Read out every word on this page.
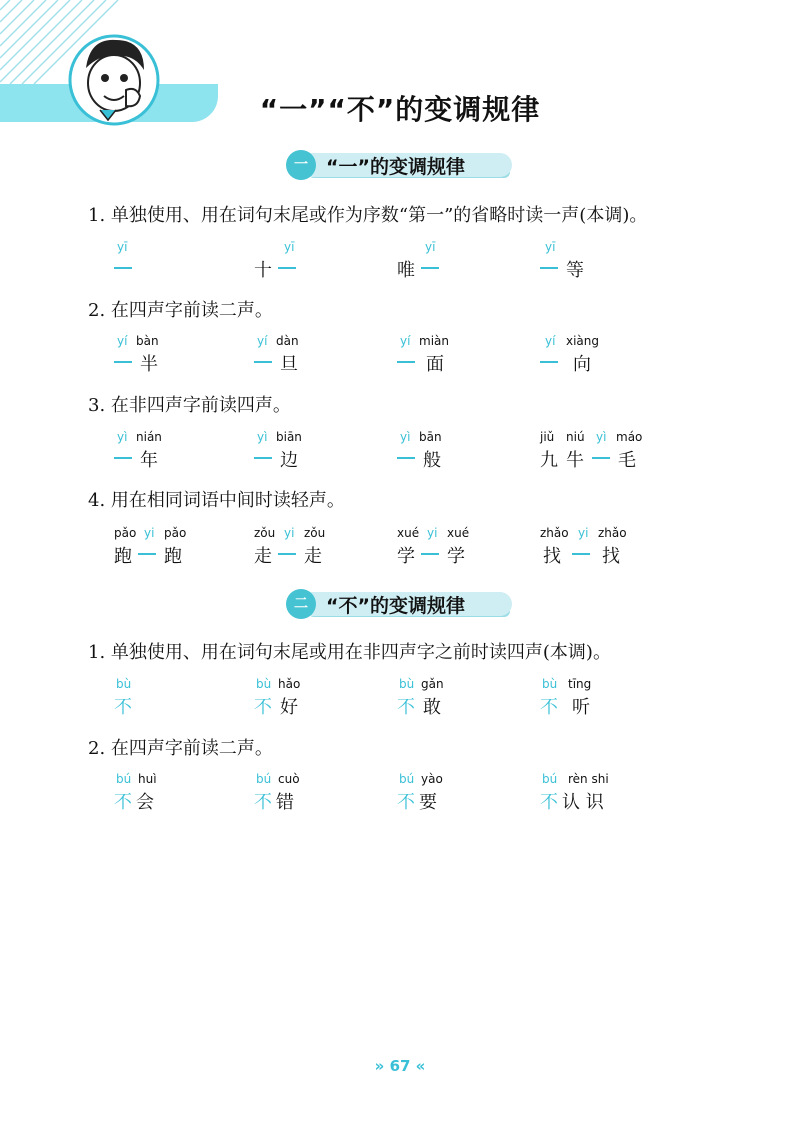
“一”“不”的变调规律
一 “一”的变调规律
1. 单独使用、用在词句末尾或作为序数“第一”的省略时读一声(本调)。
yī	yī
十
yī
唯
yī
等
2. 在四声字前读二声。
yí bàn
半
yí dàn
旦
yí miàn
面
yí xiàng
向
3. 在非四声字前读四声。
yì nián
年
yì biān
边
yì bān
般
jiǔ niú yì máo
九 牛 毛
4. 用在相同词语中间时读轻声。
pǎo yi pǎo
跑 跑
zǒu yi zǒu
走 走
xué yi xué
学 学
zhǎo yi zhǎo
找 找
二 “不”的变调规律
1. 单独使用、用在词句末尾或用在非四声字之前时读四声(本调)。
bù
不
bù hǎo
不 好
bù gǎn
不 敢
bù tīng
不 听
2. 在四声字前读二声。
bú huì
不 会
bú cuò
不 错
bú yào
不 要
bú rèn shi
不 认 识
» 67 «
